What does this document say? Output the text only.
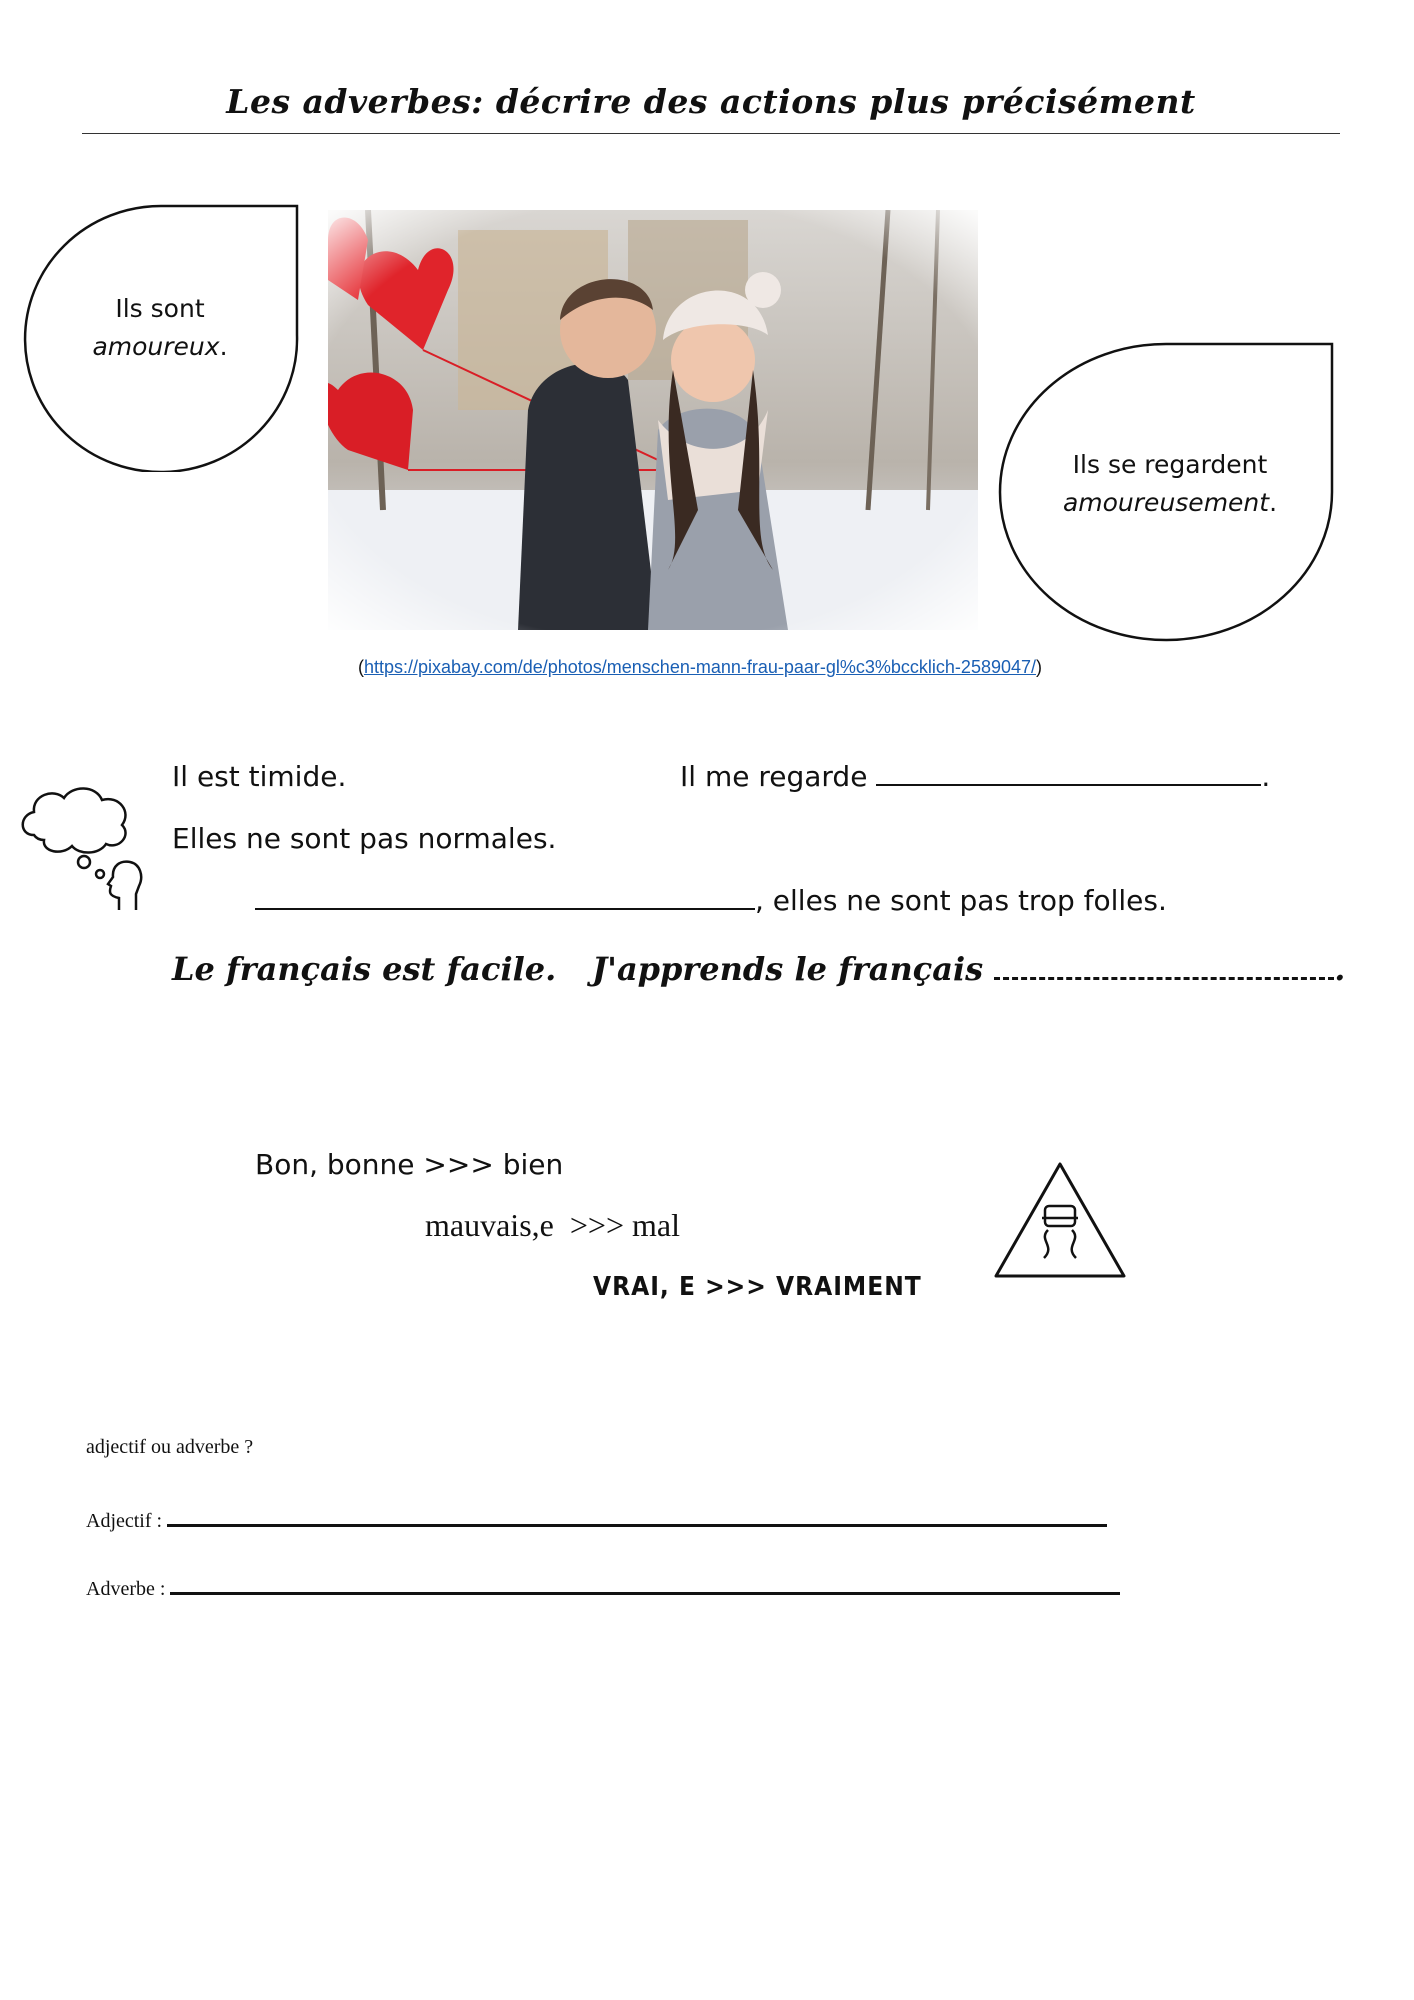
Les adverbes: décrire des actions plus précisément
Ils sont
amoureux.
Ils se regardent
amoureusement.
(https://pixabay.com/de/photos/menschen-mann-frau-paar-gl%c3%bccklich-2589047/)
Il est timide.	Il me regarde	.
Elles ne sont pas normales.
, elles ne sont pas trop folles.
Le français est facile. J'apprends le français	.
Bon, bonne >>> bien
mauvais,e  >>> mal
VRAI, E >>> VRAIMENT
adjectif ou adverbe ?
Adjectif :
Adverbe :
